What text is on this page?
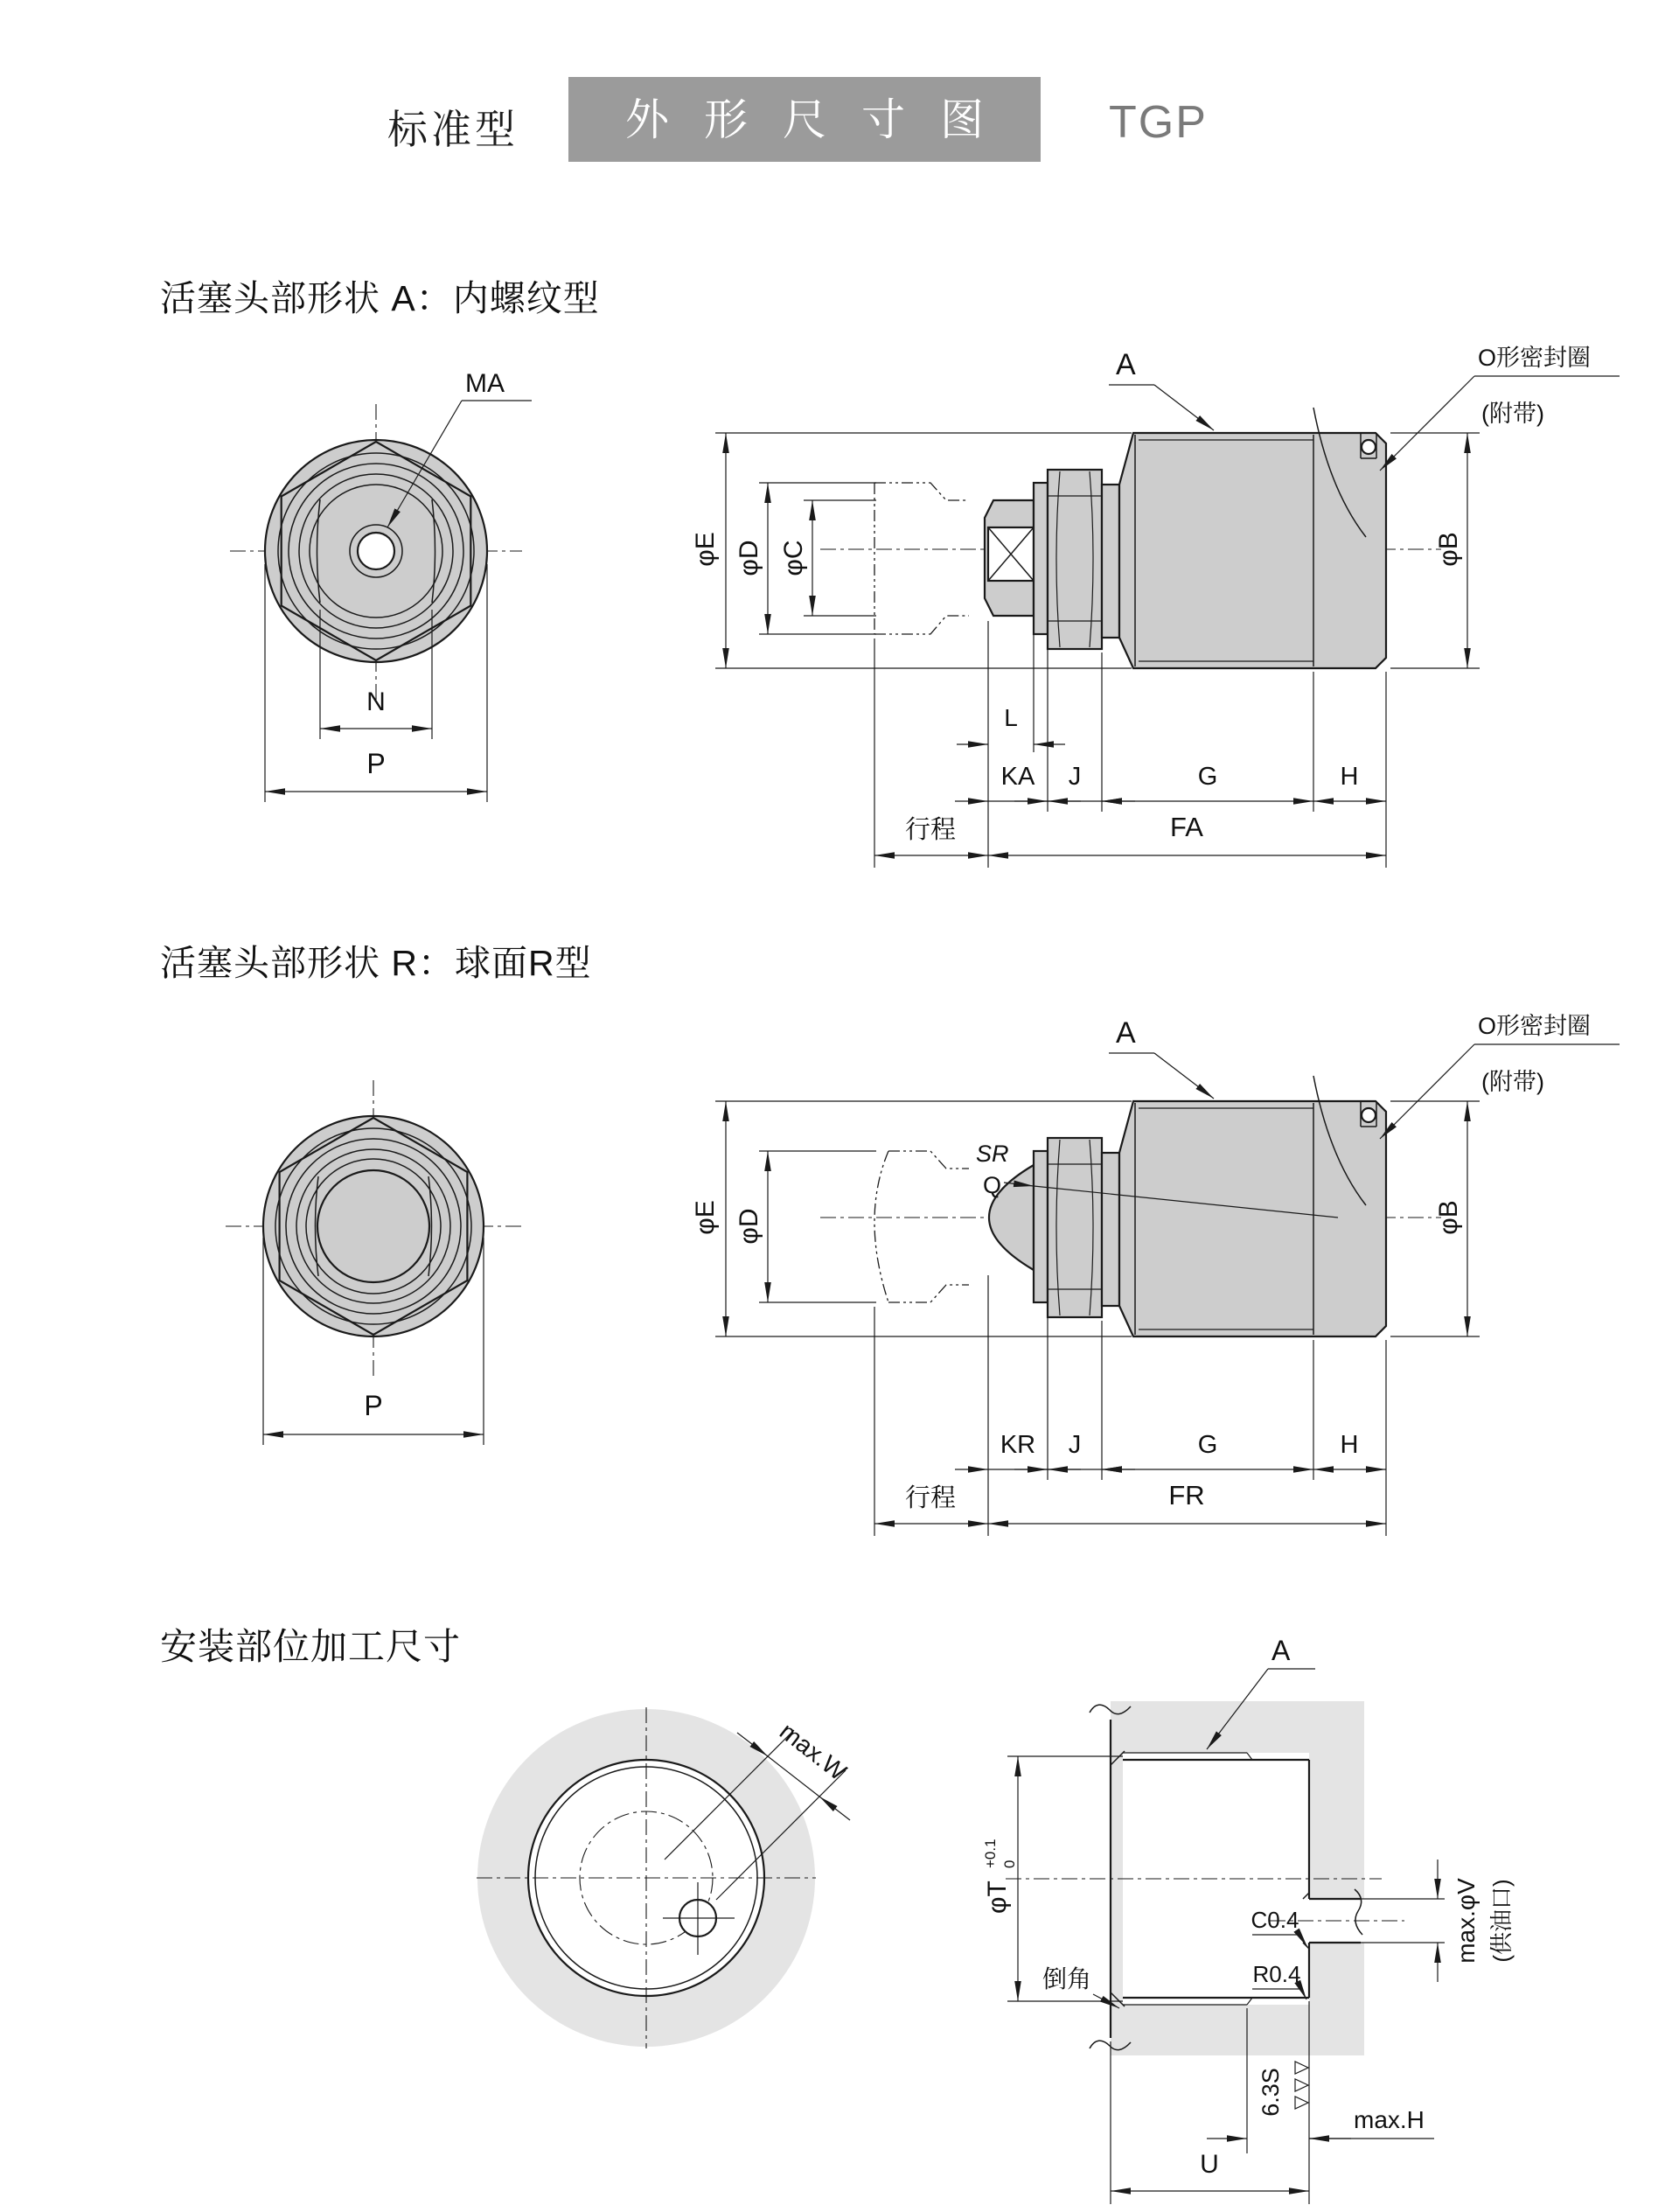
标准型	外形尺寸图	TGP
活塞头部形状 A：内螺纹型
活塞头部形状 R：球面R型
安装部位加工尺寸
MA
N
P
A	O形密封圈
(附带)
φE φD φC	φB
L
KA J	G	H
行程	FA
P
SR
Q
A	O形密封圈
(附带)
φE φD	φB
KR J	G	H
行程	FR
max.W
A
φT
+0.1 0
倒角
C0.4
R0.4
max.φV (供油口)
6.3S
max.H
U
